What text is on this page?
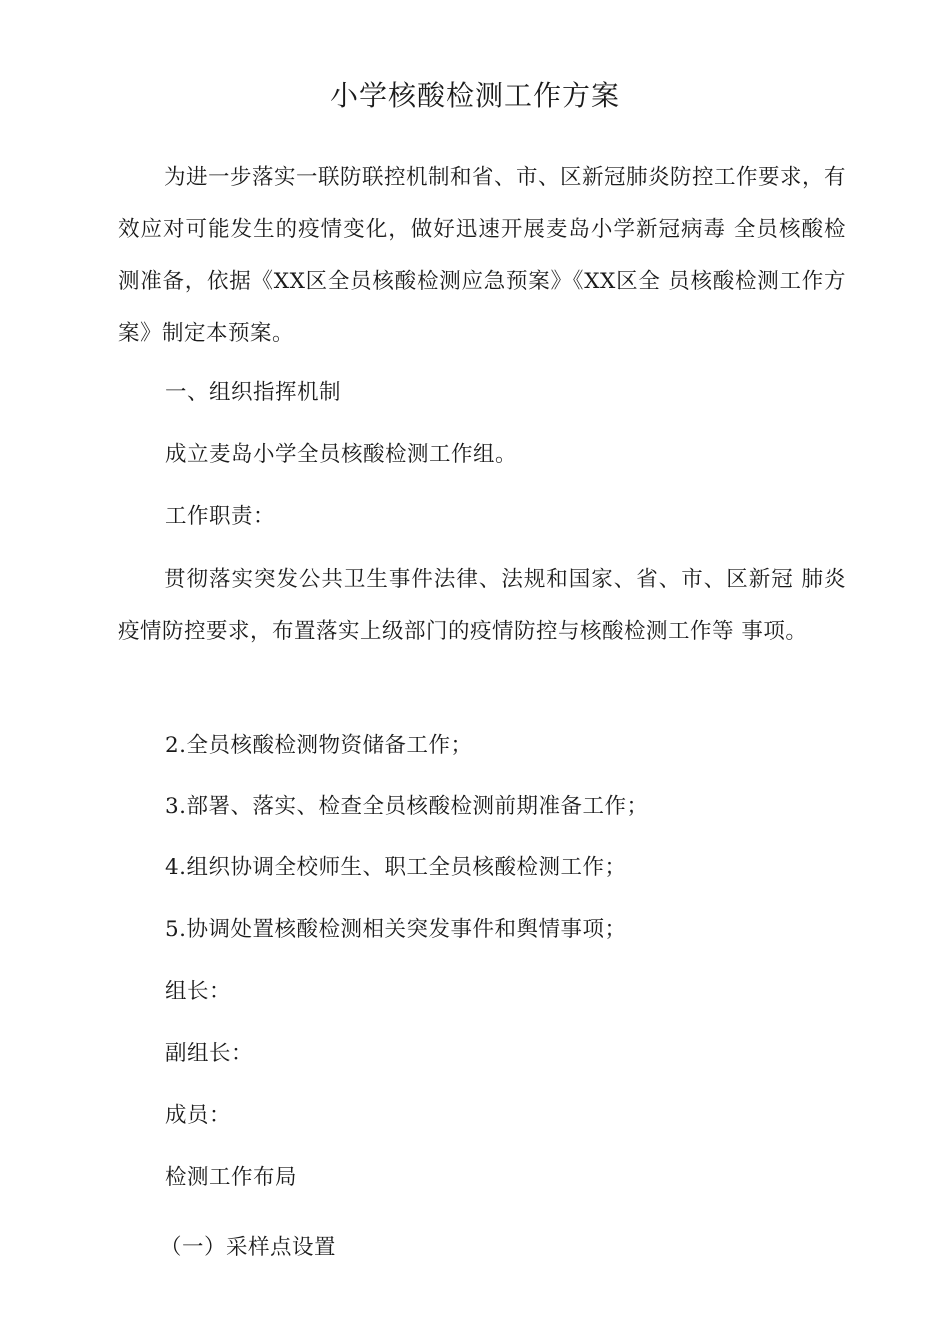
小学核酸检测工作方案

为进一步落实一联防联控机制和省、市、区新冠肺炎防控工作要求，有效应对可能发生的疫情变化，做好迅速开展麦岛小学新冠病毒 全员核酸检测准备，依据《XX区全员核酸检测应急预案》《XX区全 员核酸检测工作方案》制定本预案。

一、组织指挥机制

成立麦岛小学全员核酸检测工作组。

工作职责：

贯彻落实突发公共卫生事件法律、法规和国家、省、市、区新冠 肺炎疫情防控要求，布置落实上级部门的疫情防控与核酸检测工作等 事项。

2.全员核酸检测物资储备工作；

3.部署、落实、检查全员核酸检测前期准备工作；

4.组织协调全校师生、职工全员核酸检测工作；

5.协调处置核酸检测相关突发事件和舆情事项；

组长：

副组长：

成员：

检测工作布局

（一）采样点设置
